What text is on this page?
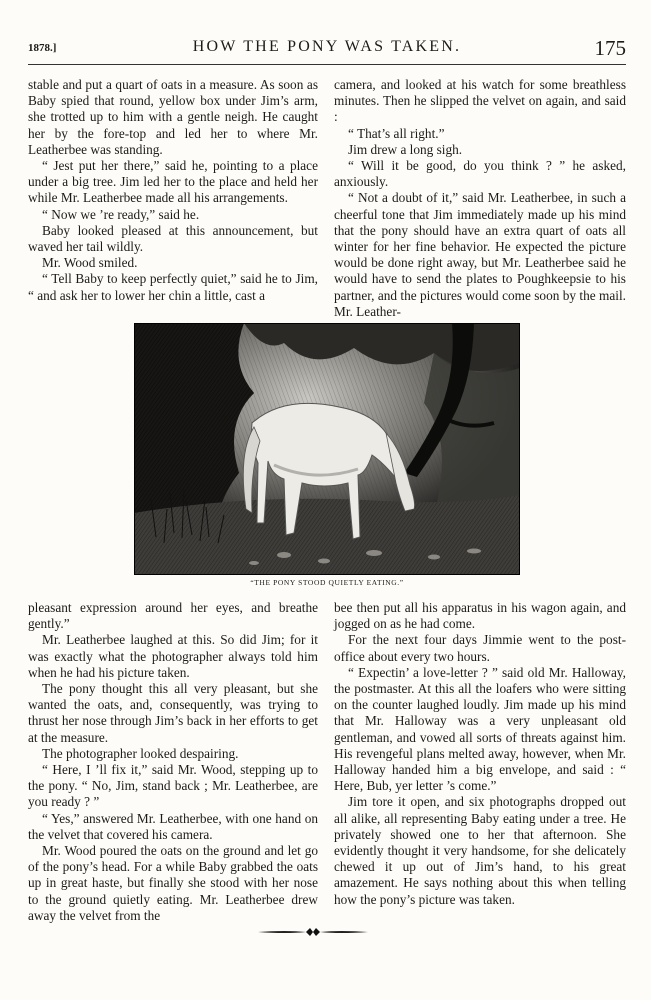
1878.]	HOW THE PONY WAS TAKEN.	175

stable and put a quart of oats in a measure. As soon as Baby spied that round, yellow box under Jim’s arm, she trotted up to him with a gentle neigh. He caught her by the fore-top and led her to where Mr. Leatherbee was standing.

“ Jest put her there,” said he, pointing to a place under a big tree. Jim led her to the place and held her while Mr. Leatherbee made all his arrangements.

“ Now we ’re ready,” said he.

Baby looked pleased at this announcement, but waved her tail wildly.

Mr. Wood smiled.

“ Tell Baby to keep perfectly quiet,” said he to Jim, “ and ask her to lower her chin a little, cast a

camera, and looked at his watch for some breathless minutes. Then he slipped the velvet on again, and said :

“ That’s all right.”

Jim drew a long sigh.

“ Will it be good, do you think ? ” he asked, anxiously.

“ Not a doubt of it,” said Mr. Leatherbee, in such a cheerful tone that Jim immediately made up his mind that the pony should have an extra quart of oats all winter for her fine behavior. He expected the picture would be done right away, but Mr. Leatherbee said he would have to send the plates to Poughkeepsie to his partner, and the pictures would come soon by the mail. Mr. Leather-

“THE PONY STOOD QUIETLY EATING.”

pleasant expression around her eyes, and breathe gently.”

Mr. Leatherbee laughed at this. So did Jim; for it was exactly what the photographer always told him when he had his picture taken.

The pony thought this all very pleasant, but she wanted the oats, and, consequently, was trying to thrust her nose through Jim’s back in her efforts to get at the measure.

The photographer looked despairing.

“ Here, I ’ll fix it,” said Mr. Wood, stepping up to the pony. “ No, Jim, stand back ; Mr. Leatherbee, are you ready ? ”

“ Yes,” answered Mr. Leatherbee, with one hand on the velvet that covered his camera.

Mr. Wood poured the oats on the ground and let go of the pony’s head. For a while Baby grabbed the oats up in great haste, but finally she stood with her nose to the ground quietly eating. Mr. Leatherbee drew away the velvet from the

bee then put all his apparatus in his wagon again, and jogged on as he had come.

For the next four days Jimmie went to the post-office about every two hours.

“ Expectin’ a love-letter ? ” said old Mr. Halloway, the postmaster. At this all the loafers who were sitting on the counter laughed loudly. Jim made up his mind that Mr. Halloway was a very unpleasant old gentleman, and vowed all sorts of threats against him. His revengeful plans melted away, however, when Mr. Halloway handed him a big envelope, and said : “ Here, Bub, yer letter ’s come.”

Jim tore it open, and six photographs dropped out all alike, all representing Baby eating under a tree. He privately showed one to her that afternoon. She evidently thought it very handsome, for she delicately chewed it up out of Jim’s hand, to his great amazement. He says nothing about this when telling how the pony’s picture was taken.
